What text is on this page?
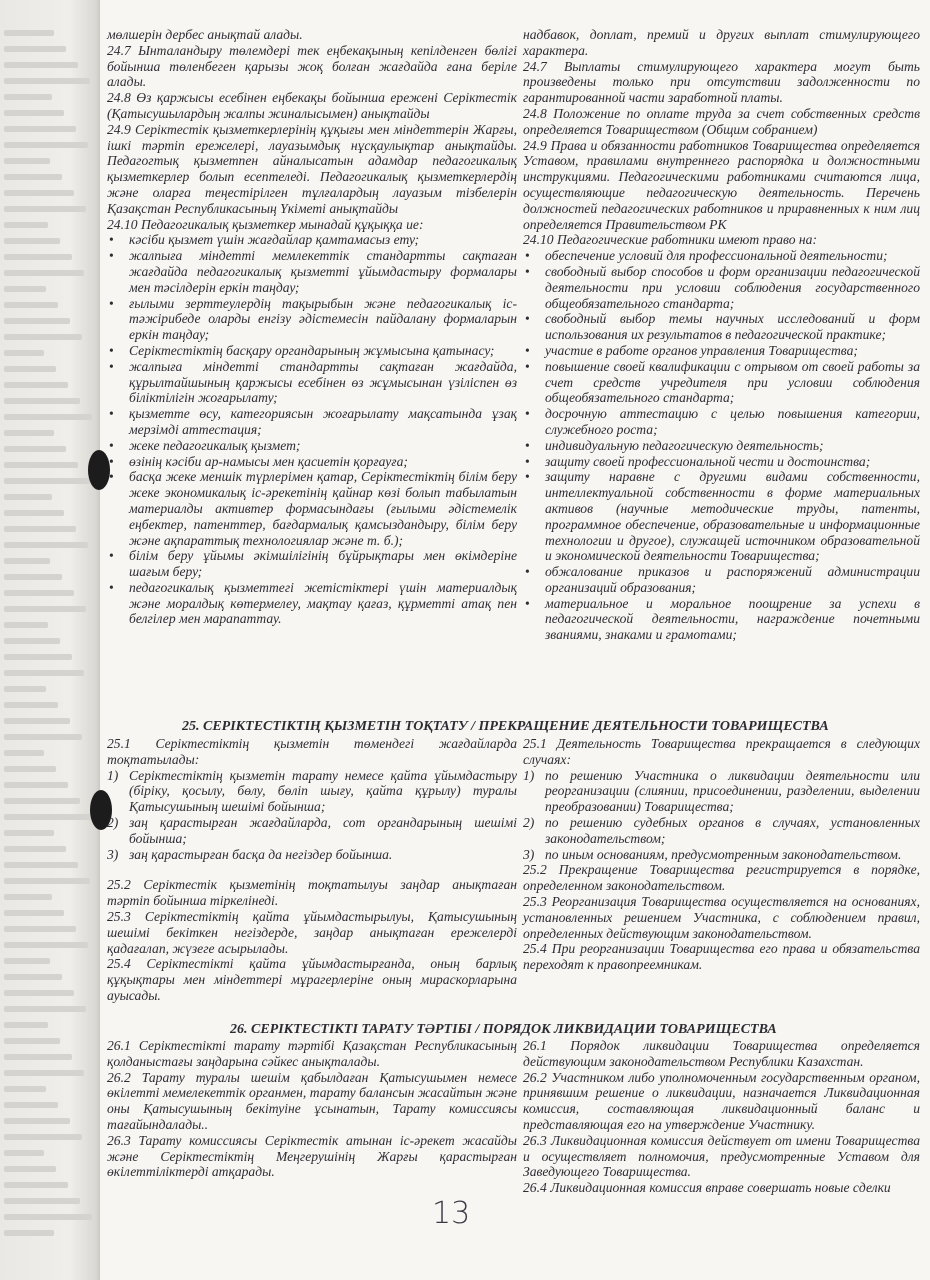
мөлшерін дербес анықтай алады.

24.7 Ынталандыру төлемдері тек еңбекақының кепілденген бөлігі бойынша төленбеген қарызы жоқ болған жағдайда ғана беріле алады.

24.8 Өз қаржысы есебінен еңбекақы бойынша ережені Серіктестік (Қатысушылардың жалпы жиналысымен) анықтайды

24.9 Серіктестік қызметкерлерінің құқығы мен міндеттерін Жарғы, ішкі тәртіп ережелері, лауазымдық нұсқаулықтар анықтайды. Педагогтық қызметпен айналысатын адамдар педагогикалық қызметкерлер болып есептеледі. Педагогикалық қызметкерлердің және оларға теңестірілген тұлғалардың лауазым тізбелерін Қазақстан Республикасының Үкіметі анықтайды

24.10 Педагогикалық қызметкер мынадай құқыққа ие:

• кәсіби қызмет үшін жағдайлар қамтамасыз ету;
• жалпыға міндетті мемлекеттік стандартты сақтаған жағдайда педагогикалық қызметті ұйымдастыру формалары мен тәсілдерін еркін таңдау;
• ғылыми зерттеулердің тақырыбын және педагогикалық іс-тәжірибеде оларды енгізу әдістемесін пайдалану формаларын еркін таңдау;
• Серіктестіктің басқару органдарының жұмысына қатынасу;
• жалпыға міндетті стандартты сақтаған жағдайда, құрылтайшының қаржысы есебінен өз жұмысынан үзіліспен өз біліктілігін жоғарылату;
• қызметте өсу, категориясын жоғарылату мақсатында ұзақ мерзімді аттестация;
• жеке педагогикалық қызмет;
• өзінің кәсіби ар-намысы мен қасиетін қорғауға;
• басқа жеке меншік түрлерімен қатар, Серіктестіктің білім беру жеке экономикалық іс-әрекетінің қайнар көзі болып табылатын материалды активтер формасындағы (ғылыми әдістемелік еңбектер, патенттер, бағдармалық қамсыздандыру, білім беру және ақпараттық технологиялар және т. б.);
• білім беру ұйымы әкімшілігінің бұйрықтары мен өкімдеріне шағым беру;
• педагогикалық қызметтегі жетістіктері үшін материалдық және моралдық көтермелеу, мақтау қағаз, құрметті атақ пен белгілер мен марапаттау.

надбавок, доплат, премий и других выплат стимулирующего характера.

24.7 Выплаты стимулирующего характера могут быть произведены только при отсутствии задолженности по гарантированной части заработной платы.

24.8 Положение по оплате труда за счет собственных средств определяется Товариществом (Общим собранием)

24.9 Права и обязанности работников Товарищества определяется Уставом, правилами внутреннего распорядка и должностными инструкциями. Педагогическими работниками считаются лица, осуществляющие педагогическую деятельность. Перечень должностей педагогических работников и приравненных к ним лиц определяется Правительством РК

24.10 Педагогические работники имеют право на:

• обеспечение условий для профессиональной деятельности;
• свободный выбор способов и форм организации педагогической деятельности при условии соблюдения государственного общеобязательного стандарта;
• свободный выбор темы научных исследований и форм использования их результатов в педагогической практике;
• участие в работе органов управления Товарищества;
• повышение своей квалификации с отрывом от своей работы за счет средств учредителя при условии соблюдения общеобязательного стандарта;
• досрочную аттестацию с целью повышения категории, служебного роста;
• индивидуальную педагогическую деятельность;
• защиту своей профессиональной чести и достоинства;
• защиту наравне с другими видами собственности, интеллектуальной собственности в форме материальных активов (научные методические труды, патенты, программное обеспечение, образовательные и информационные технологии и другое), служащей источником образовательной и экономической деятельности Товарищества;
• обжалование приказов и распоряжений администрации организаций образования;
• материальное и моральное поощрение за успехи в педагогической деятельности, награждение почетными званиями, знаками и грамотами;
25. СЕРІКТЕСТІКТІҢ ҚЫЗМЕТІН ТОҚТАТУ / ПРЕКРАЩЕНИЕ ДЕЯТЕЛЬНОСТИ ТОВАРИЩЕСТВА

25.1 Серіктестіктің қызметін төмендегі жағдайларда тоқтатылады:

1) Серіктестіктің қызметін тарату немесе қайта ұйымдастыру (біріку, қосылу, бөлу, бөліп шығу, қайта құрылу) туралы Қатысушының шешімі бойынша;
2) заң қарастырған жағдайларда, сот органдарының шешімі бойынша;
3) заң қарастырған басқа да негіздер бойынша.

25.2 Серіктестік қызметінің тоқтатылуы заңдар анықтаған тәртіп бойынша тіркелінеді.

25.3 Серіктестіктің қайта ұйымдастырылуы, Қатысушының шешімі бекіткен негіздерде, заңдар анықтаған ережелерді қадағалап, жүзеге асырылады.

25.4 Серіктестікті қайта ұйымдастырғанда, оның барлық құқықтары мен міндеттері мұрагерлеріне оның мираскорларына ауысады.

25.1 Деятельность Товарищества прекращается в следующих случаях:

1) по решению Участника о ликвидации деятельности или реорганизации (слиянии, присоединении, разделении, выделении преобразовании) Товарищества;
2) по решению судебных органов в случаях, установленных законодательством;
3) по иным основаниям, предусмотренным законодательством.

25.2 Прекращение Товарищества регистрируется в порядке, определенном законодательством.

25.3 Реорганизация Товарищества осуществляется на основаниях, установленных решением Участника, с соблюдением правил, определенных действующим законодательством.

25.4 При реорганизации Товарищества его права и обязательства переходят к правопреемникам.

26. СЕРІКТЕСТІКТІ ТАРАТУ ТӘРТІБІ / ПОРЯДОК ЛИКВИДАЦИИ ТОВАРИЩЕСТВА

26.1 Серіктестікті тарату тәртібі Қазақстан Республикасының қолданыстағы заңдарына сәйкес анықталады.

26.2 Тарату туралы шешім қабылдаған Қатысушымен немесе өкілетті мемелекеттік органмен, тарату балансын жасайтын және оны Қатысушының бекітуіне ұсынатын, Тарату комиссиясы тағайындалады..

26.3 Тарату комиссиясы Серіктестік атынан іс-әрекет жасайды және Серіктестіктің Меңгерушінің Жарғы қарастырған өкілеттіліктерді атқарады.

26.1 Порядок ликвидации Товарищества определяется действующим законодательством Республики Казахстан.

26.2 Участником либо уполномоченным государственным органом, принявшим решение о ликвидации, назначается Ликвидационная комиссия, составляющая ликвидационный баланс и представляющая его на утверждение Участнику.

26.3 Ликвидационная комиссия действует от имени Товарищества и осуществляет полномочия, предусмотренные Уставом для Заведующего Товарищества.

26.4 Ликвидационная комиссия вправе совершать новые сделки

13
